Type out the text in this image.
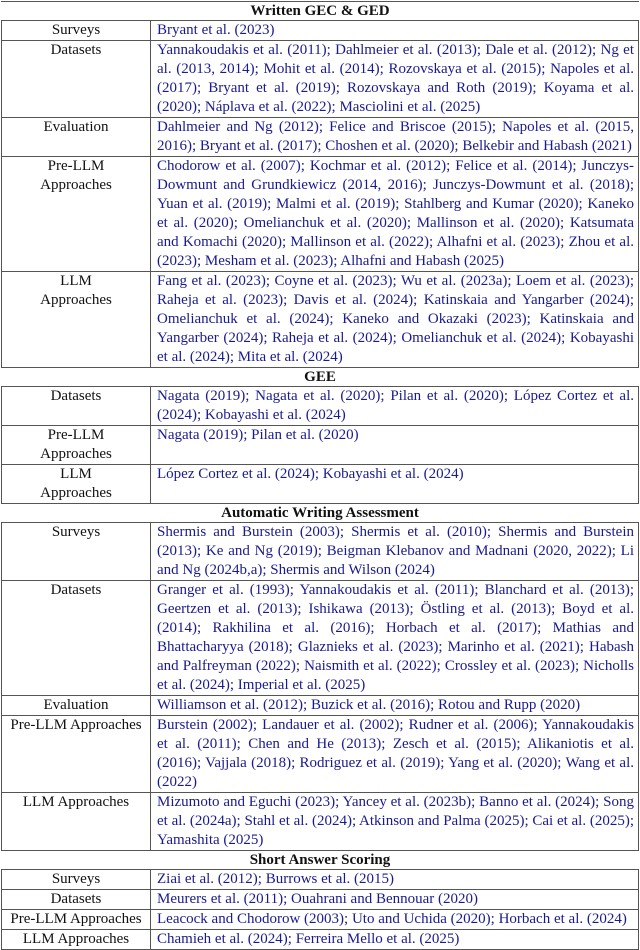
Written GEC & GED
Surveys	Bryant et al. (2023)
Datasets	Yannakoudakis et al. (2011); Dahlmeier et al. (2013); Dale et al. (2012); Ng et al. (2013, 2014); Mohit et al. (2014); Rozovskaya et al. (2015); Napoles et al. (2017); Bryant et al. (2019); Rozovskaya and Roth (2019); Koyama et al. (2020); Náplava et al. (2022); Masciolini et al. (2025)
Evaluation	Dahlmeier and Ng (2012); Felice and Briscoe (2015); Napoles et al. (2015, 2016); Bryant et al. (2017); Choshen et al. (2020); Belkebir and Habash (2021)
Pre-LLM Approaches	Chodorow et al. (2007); Kochmar et al. (2012); Felice et al. (2014); Junczys-Dowmunt and Grundkiewicz (2014, 2016); Junczys-Dowmunt et al. (2018); Yuan et al. (2019); Malmi et al. (2019); Stahlberg and Kumar (2020); Kaneko et al. (2020); Omelianchuk et al. (2020); Mallinson et al. (2020); Katsumata and Komachi (2020); Mallinson et al. (2022); Alhafni et al. (2023); Zhou et al. (2023); Mesham et al. (2023); Alhafni and Habash (2025)
LLM Approaches	Fang et al. (2023); Coyne et al. (2023); Wu et al. (2023a); Loem et al. (2023); Raheja et al. (2023); Davis et al. (2024); Katinskaia and Yangarber (2024); Omelianchuk et al. (2024); Kaneko and Okazaki (2023); Katinskaia and Yangarber (2024); Raheja et al. (2024); Omelianchuk et al. (2024); Kobayashi et al. (2024); Mita et al. (2024)
GEE
Datasets	Nagata (2019); Nagata et al. (2020); Pilan et al. (2020); López Cortez et al. (2024); Kobayashi et al. (2024)
Pre-LLM Approaches	Nagata (2019); Pilan et al. (2020)
LLM Approaches	López Cortez et al. (2024); Kobayashi et al. (2024)
Automatic Writing Assessment
Surveys	Shermis and Burstein (2003); Shermis et al. (2010); Shermis and Burstein (2013); Ke and Ng (2019); Beigman Klebanov and Madnani (2020, 2022); Li and Ng (2024b,a); Shermis and Wilson (2024)
Datasets	Granger et al. (1993); Yannakoudakis et al. (2011); Blanchard et al. (2013); Geertzen et al. (2013); Ishikawa (2013); Östling et al. (2013); Boyd et al. (2014); Rakhilina et al. (2016); Horbach et al. (2017); Mathias and Bhattacharyya (2018); Glaznieks et al. (2023); Marinho et al. (2021); Habash and Palfreyman (2022); Naismith et al. (2022); Crossley et al. (2023); Nicholls et al. (2024); Imperial et al. (2025)
Evaluation	Williamson et al. (2012); Buzick et al. (2016); Rotou and Rupp (2020)
Pre-LLM Approaches	Burstein (2002); Landauer et al. (2002); Rudner et al. (2006); Yannakoudakis et al. (2011); Chen and He (2013); Zesch et al. (2015); Alikaniotis et al. (2016); Vajjala (2018); Rodriguez et al. (2019); Yang et al. (2020); Wang et al. (2022)
LLM Approaches	Mizumoto and Eguchi (2023); Yancey et al. (2023b); Banno et al. (2024); Song et al. (2024a); Stahl et al. (2024); Atkinson and Palma (2025); Cai et al. (2025); Yamashita (2025)
Short Answer Scoring
Surveys	Ziai et al. (2012); Burrows et al. (2015)
Datasets	Meurers et al. (2011); Ouahrani and Bennouar (2020)
Pre-LLM Approaches	Leacock and Chodorow (2003); Uto and Uchida (2020); Horbach et al. (2024)
LLM Approaches	Chamieh et al. (2024); Ferreira Mello et al. (2025)
